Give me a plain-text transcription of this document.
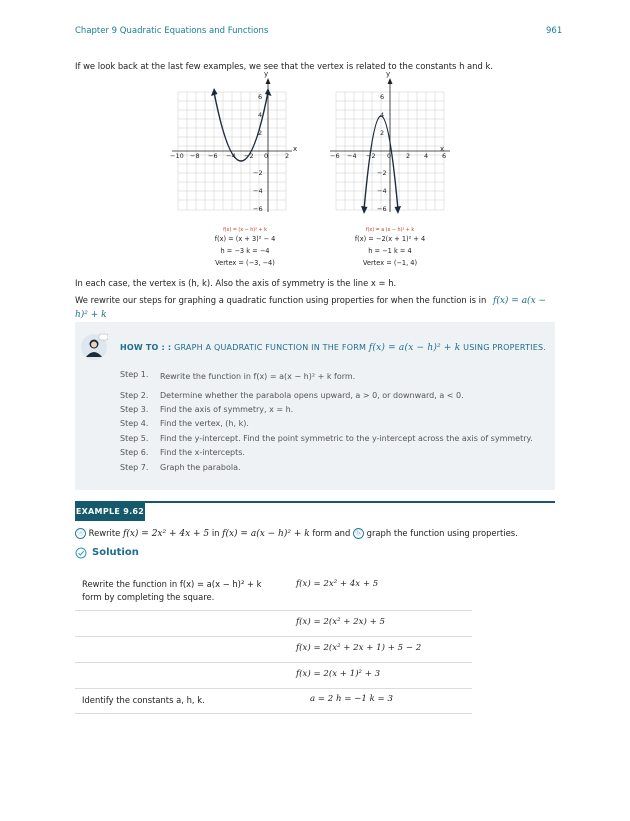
Chapter 9 Quadratic Equations and Functions	961
If we look back at the last few examples, we see that the vertex is related to the constants h and k.
y
x
−10 −8 −6 −4 −2 0	2
6
4
2
−2
−4
−6
f(x) = (x − h)² + k
f(x) = (x + 3)² − 4
h = −3 k = −4
Vertex = (−3, −4)
y
x
−6 −4 −2 0 2 4 6
6
4
2
−2
−4
−6
f(x) = a (x − h)² + k
f(x) = −2(x + 1)² + 4
h = −1 k = 4
Vertex = (−1, 4)
In each case, the vertex is (h, k). Also the axis of symmetry is the line x = h.
We rewrite our steps for graphing a quadratic function using properties for when the function is in f(x) = a(x − h)² + k

HOW TO : : GRAPH A QUADRATIC FUNCTION IN THE FORM f(x) = a(x − h)² + k USING PROPERTIES.
Step 1. Rewrite the function in f(x) = a(x − h)² + k form.
Step 2. Determine whether the parabola opens upward, a > 0, or downward, a < 0.
Step 3. Find the axis of symmetry, x = h.
Step 4. Find the vertex, (h, k).
Step 5. Find the y-intercept. Find the point symmetric to the y-intercept across the axis of symmetry.
Step 6. Find the x-intercepts.
Step 7. Graph the parabola.
EXAMPLE 9.62
ⓐ Rewrite f(x) = 2x² + 4x + 5 in f(x) = a(x − h)² + k form and ⓑ graph the function using properties.
Solution
Rewrite the function in f(x) = a(x − h)² + k
form by completing the square.
f(x) = 2x² + 4x + 5
f(x) = 2(x² + 2x) + 5
f(x) = 2(x² + 2x + 1) + 5 − 2
f(x) = 2(x + 1)² + 3
Identify the constants a, h, k.	a = 2 h = −1 k = 3
